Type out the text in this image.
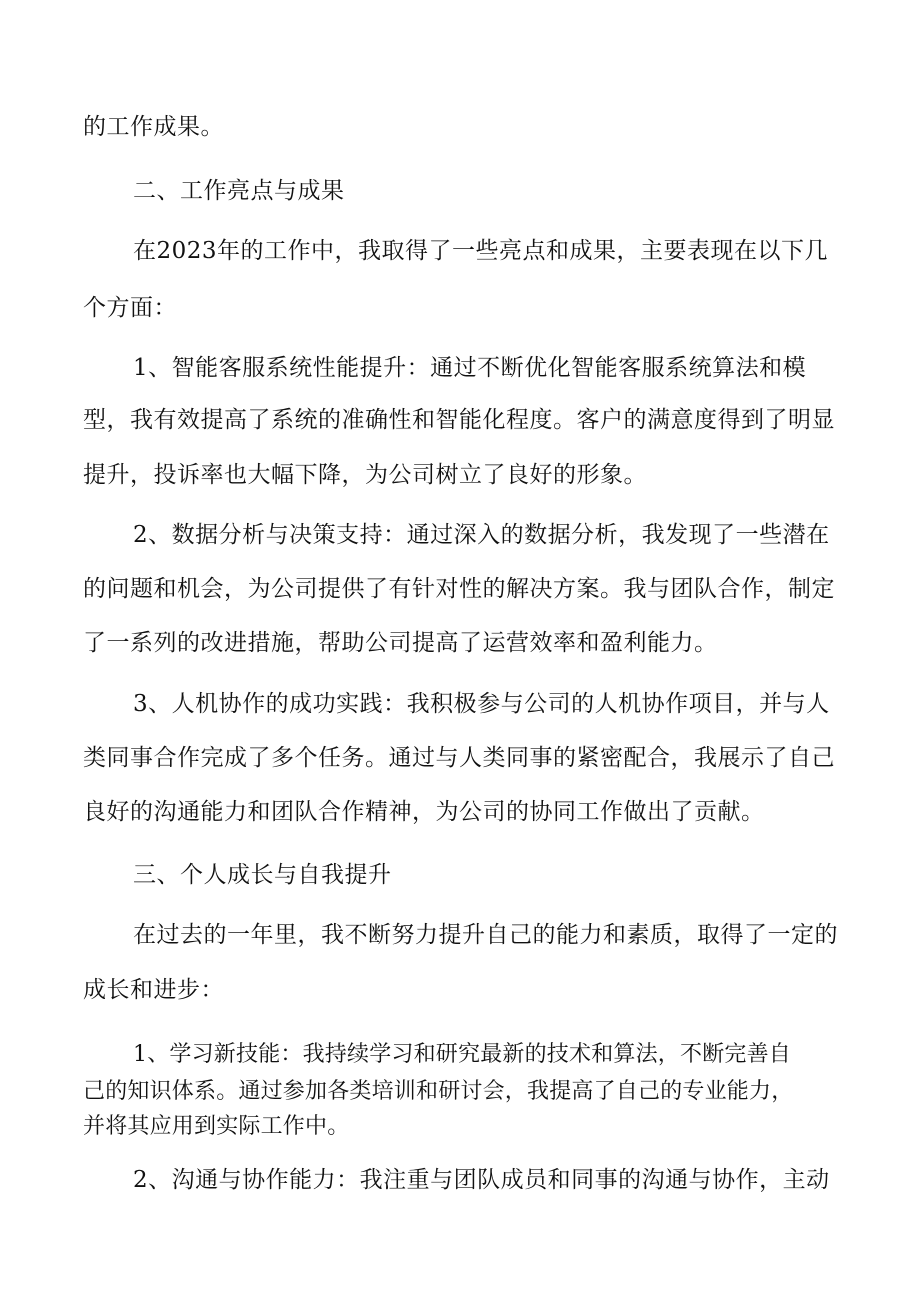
的工作成果。
二、工作亮点与成果
在2023年的工作中，我取得了一些亮点和成果，主要表现在以下几
个方面：
1、智能客服系统性能提升：通过不断优化智能客服系统算法和模
型，我有效提高了系统的准确性和智能化程度。客户的满意度得到了明显
提升，投诉率也大幅下降，为公司树立了良好的形象。
2、数据分析与决策支持：通过深入的数据分析，我发现了一些潜在
的问题和机会，为公司提供了有针对性的解决方案。我与团队合作，制定
了一系列的改进措施，帮助公司提高了运营效率和盈利能力。
3、人机协作的成功实践：我积极参与公司的人机协作项目，并与人
类同事合作完成了多个任务。通过与人类同事的紧密配合，我展示了自己
良好的沟通能力和团队合作精神，为公司的协同工作做出了贡献。
三、个人成长与自我提升
在过去的一年里，我不断努力提升自己的能力和素质，取得了一定的
成长和进步：
1、学习新技能：我持续学习和研究最新的技术和算法，不断完善自
己的知识体系。通过参加各类培训和研讨会，我提高了自己的专业能力，
并将其应用到实际工作中。
2、沟通与协作能力：我注重与团队成员和同事的沟通与协作，主动
